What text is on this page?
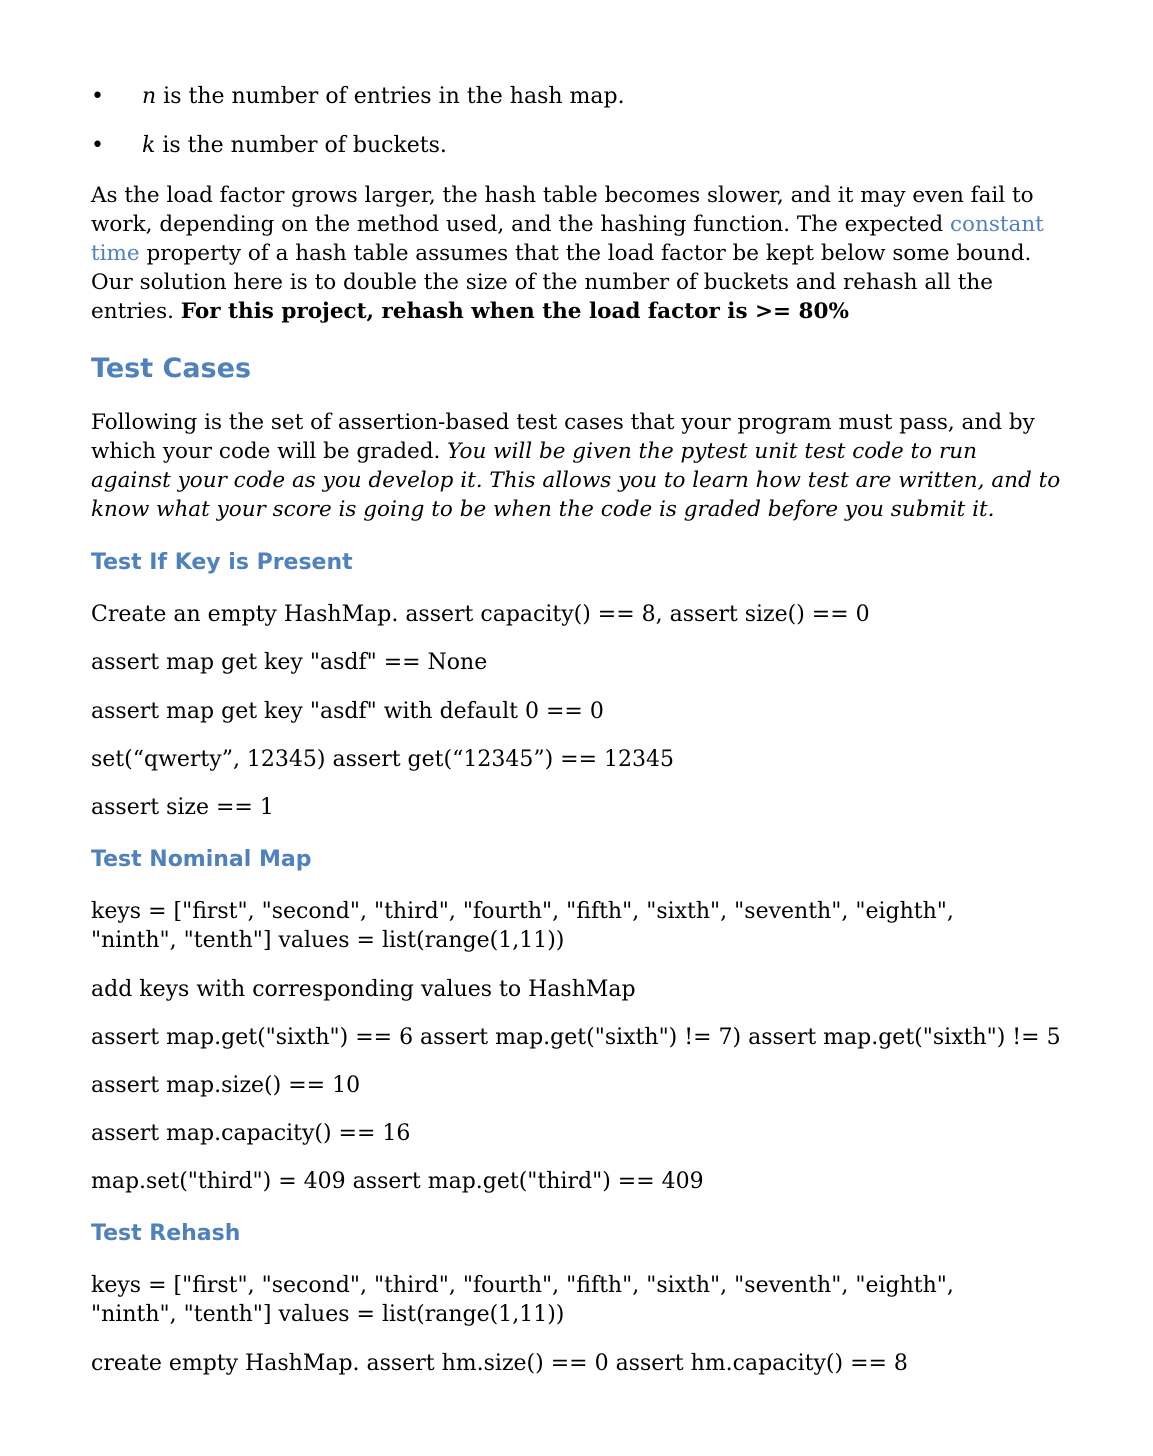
• n is the number of entries in the hash map.
• k is the number of buckets.

As the load factor grows larger, the hash table becomes slower, and it may even fail to work, depending on the method used, and the hashing function. The expected constant time property of a hash table assumes that the load factor be kept below some bound. Our solution here is to double the size of the number of buckets and rehash all the entries. For this project, rehash when the load factor is >= 80%

Test Cases

Following is the set of assertion-based test cases that your program must pass, and by which your code will be graded. You will be given the pytest unit test code to run against your code as you develop it. This allows you to learn how test are written, and to know what your score is going to be when the code is graded before you submit it.

Test If Key is Present
Create an empty HashMap. assert capacity() == 8, assert size() == 0
assert map get key "asdf" == None
assert map get key "asdf" with default 0 == 0
set(“qwerty”, 12345) assert get(“12345”) == 12345
assert size == 1
Test Nominal Map

keys = ["first", "second", "third", "fourth", "fifth", "sixth", "seventh", "eighth", "ninth", "tenth"] values = list(range(1,11))

add keys with corresponding values to HashMap
assert map.get("sixth") == 6 assert map.get("sixth") != 7) assert map.get("sixth") != 5
assert map.size() == 10
assert map.capacity() == 16
map.set("third") = 409 assert map.get("third") == 409
Test Rehash

keys = ["first", "second", "third", "fourth", "fifth", "sixth", "seventh", "eighth", "ninth", "tenth"] values = list(range(1,11))

create empty HashMap. assert hm.size() == 0 assert hm.capacity() == 8
